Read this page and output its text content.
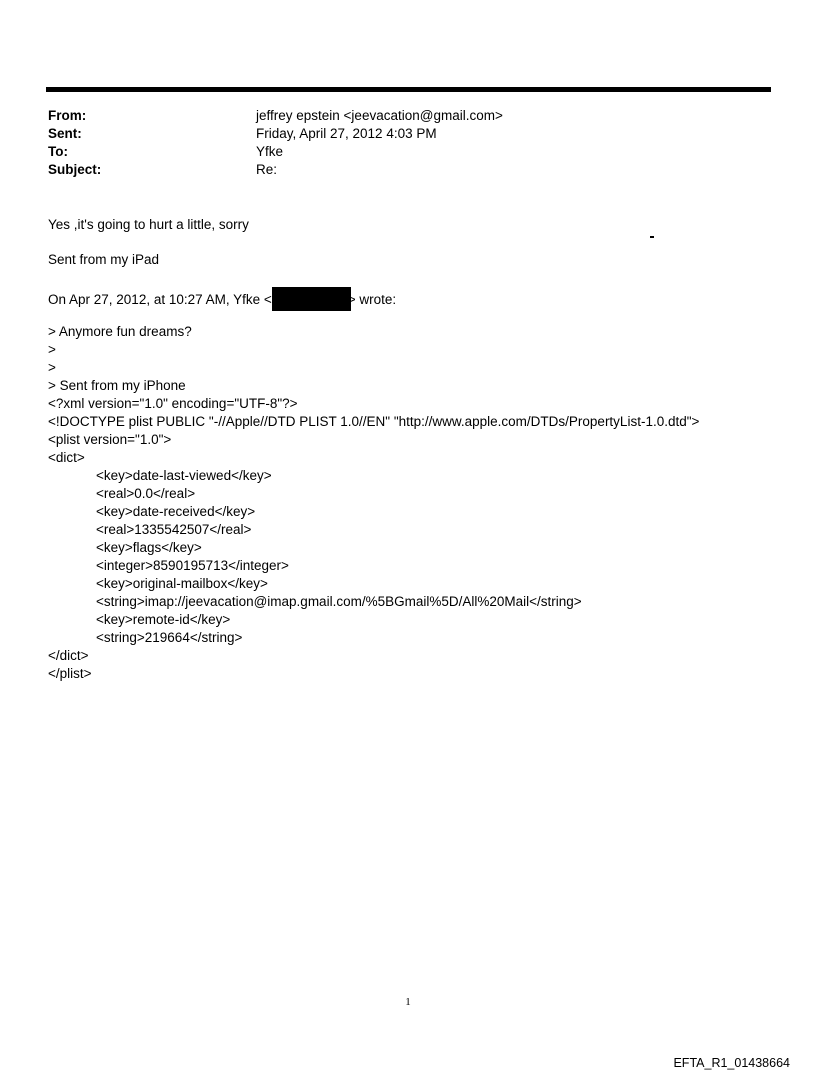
From:	jeffrey epstein <jeevacation@gmail.com>
Sent:	Friday, April 27, 2012 4:03 PM
To:	Yfke
Subject:	Re:
Yes ,it's going to hurt a little, sorry
Sent from my iPad
On Apr 27, 2012, at 10:27 AM, Yfke <	> wrote:
> Anymore fun dreams?
>
>
> Sent from my iPhone
<?xml version="1.0" encoding="UTF-8"?>
<!DOCTYPE plist PUBLIC "-//Apple//DTD PLIST 1.0//EN" "http://www.apple.com/DTDs/PropertyList-1.0.dtd">
<plist version="1.0">
<dict>
<key>date-last-viewed</key>
<real>0.0</real>
<key>date-received</key>
<real>1335542507</real>
<key>flags</key>
<integer>8590195713</integer>
<key>original-mailbox</key>
<string>imap://jeevacation@imap.gmail.com/%5BGmail%5D/All%20Mail</string>
<key>remote-id</key>
<string>219664</string>
</dict>
</plist>
1
EFTA_R1_01438664
